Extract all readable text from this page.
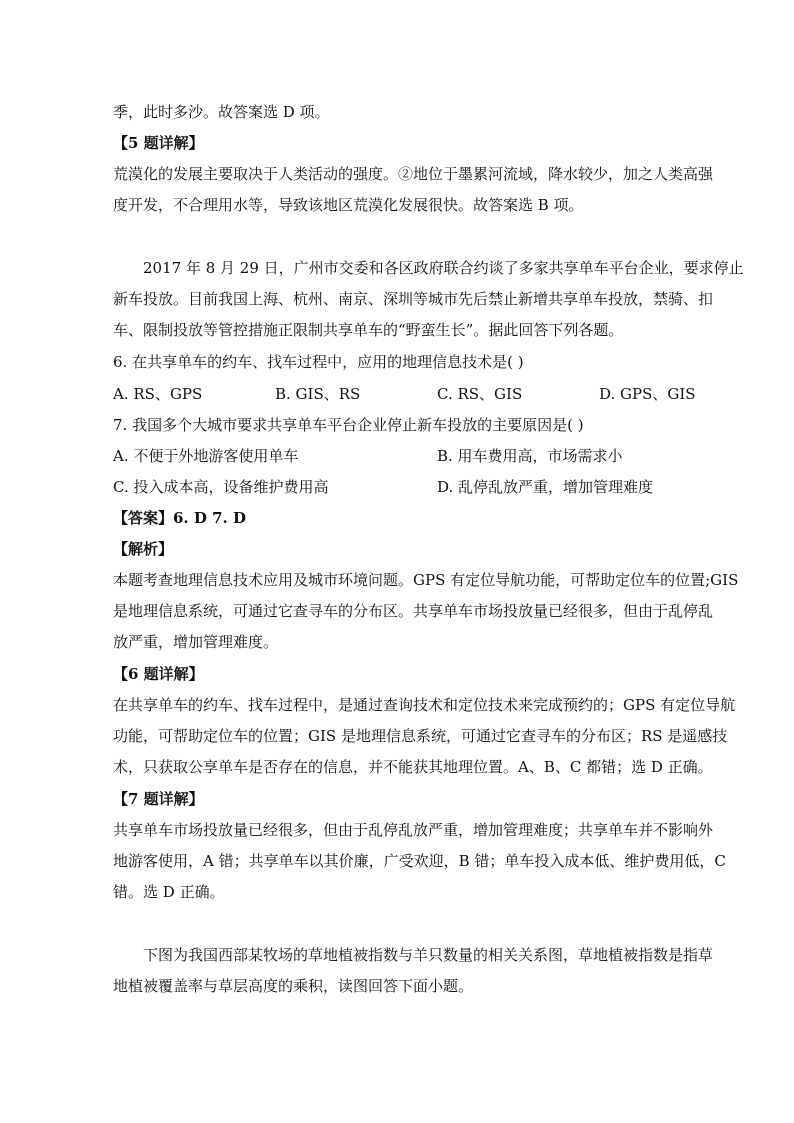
季，此时多沙。故答案选 D 项。
【5 题详解】
荒漠化的发展主要取决于人类活动的强度。②地位于墨累河流域，降水较少，加之人类高强
度开发，不合理用水等，导致该地区荒漠化发展很快。故答案选 B 项。
2017 年 8 月 29 日，广州市交委和各区政府联合约谈了多家共享单车平台企业，要求停止
新车投放。目前我国上海、杭州、南京、深圳等城市先后禁止新增共享单车投放，禁骑、扣
车、限制投放等管控措施正限制共享单车的“野蛮生长”。据此回答下列各题。
6. 在共享单车的约车、找车过程中，应用的地理信息技术是( )
A. RS、GPS	B. GIS、RS	C. RS、GIS	D. GPS、GIS
7. 我国多个大城市要求共享单车平台企业停止新车投放的主要原因是( )
A. 不便于外地游客使用单车	B. 用车费用高，市场需求小
C. 投入成本高，设备维护费用高	D. 乱停乱放严重，增加管理难度
【答案】6. D 7. D
【解析】
本题考查地理信息技术应用及城市环境问题。GPS 有定位导航功能，可帮助定位车的位置;GIS
是地理信息系统，可通过它查寻车的分布区。共享单车市场投放量已经很多，但由于乱停乱
放严重，增加管理难度。
【6 题详解】
在共享单车的约车、找车过程中，是通过查询技术和定位技术来完成预约的；GPS 有定位导航
功能，可帮助定位车的位置；GIS 是地理信息系统，可通过它查寻车的分布区；RS 是遥感技
术，只获取公享单车是否存在的信息，并不能获其地理位置。A、B、C 都错；选 D 正确。
【7 题详解】
共享单车市场投放量已经很多，但由于乱停乱放严重，增加管理难度；共享单车并不影响外
地游客使用，A 错；共享单车以其价廉，广受欢迎，B 错；单车投入成本低、维护费用低，C
错。选 D 正确。
下图为我国西部某牧场的草地植被指数与羊只数量的相关关系图，草地植被指数是指草
地植被覆盖率与草层高度的乘积，读图回答下面小题。
